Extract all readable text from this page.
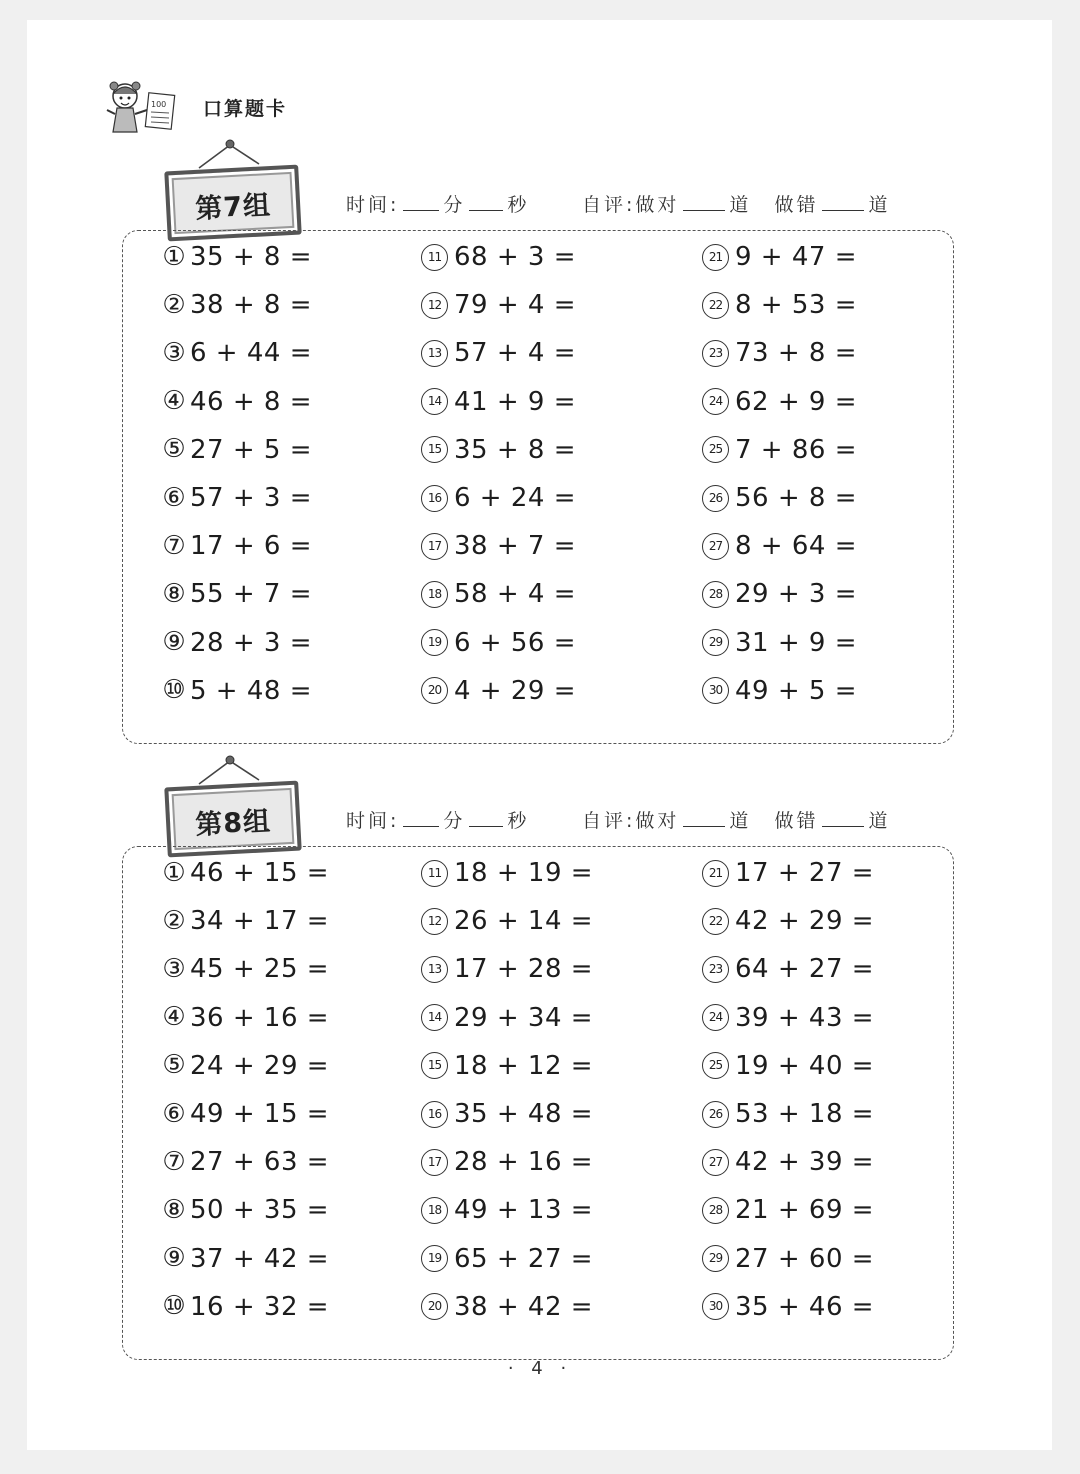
100 口算题卡
第7组	时间: 分 秒	自评:做对	道 做错	道
① 35 + 8 =
② 38 + 8 =
③ 6 + 44 =
④ 46 + 8 =
⑤ 27 + 5 =
⑥ 57 + 3 =
⑦ 17 + 6 =
⑧ 55 + 7 =
⑨ 28 + 3 =
⑩ 5 + 48 =
11 68 + 3 =
12 79 + 4 =
13 57 + 4 =
14 41 + 9 =
15 35 + 8 =
16 6 + 24 =
17 38 + 7 =
18 58 + 4 =
19 6 + 56 =
20 4 + 29 =
21 9 + 47 =
22 8 + 53 =
23 73 + 8 =
24 62 + 9 =
25 7 + 86 =
26 56 + 8 =
27 8 + 64 =
28 29 + 3 =
29 31 + 9 =
30 49 + 5 =
第8组	时间: 分 秒	自评:做对	道 做错	道
① 46 + 15 =
② 34 + 17 =
③ 45 + 25 =
④ 36 + 16 =
⑤ 24 + 29 =
⑥ 49 + 15 =
⑦ 27 + 63 =
⑧ 50 + 35 =
⑨ 37 + 42 =
⑩ 16 + 32 =
11 18 + 19 =
12 26 + 14 =
13 17 + 28 =
14 29 + 34 =
15 18 + 12 =
16 35 + 48 =
17 28 + 16 =
18 49 + 13 =
19 65 + 27 =
20 38 + 42 =
21 17 + 27 =
22 42 + 29 =
23 64 + 27 =
24 39 + 43 =
25 19 + 40 =
26 53 + 18 =
27 42 + 39 =
28 21 + 69 =
29 27 + 60 =
30 35 + 46 =
· 4 ·
